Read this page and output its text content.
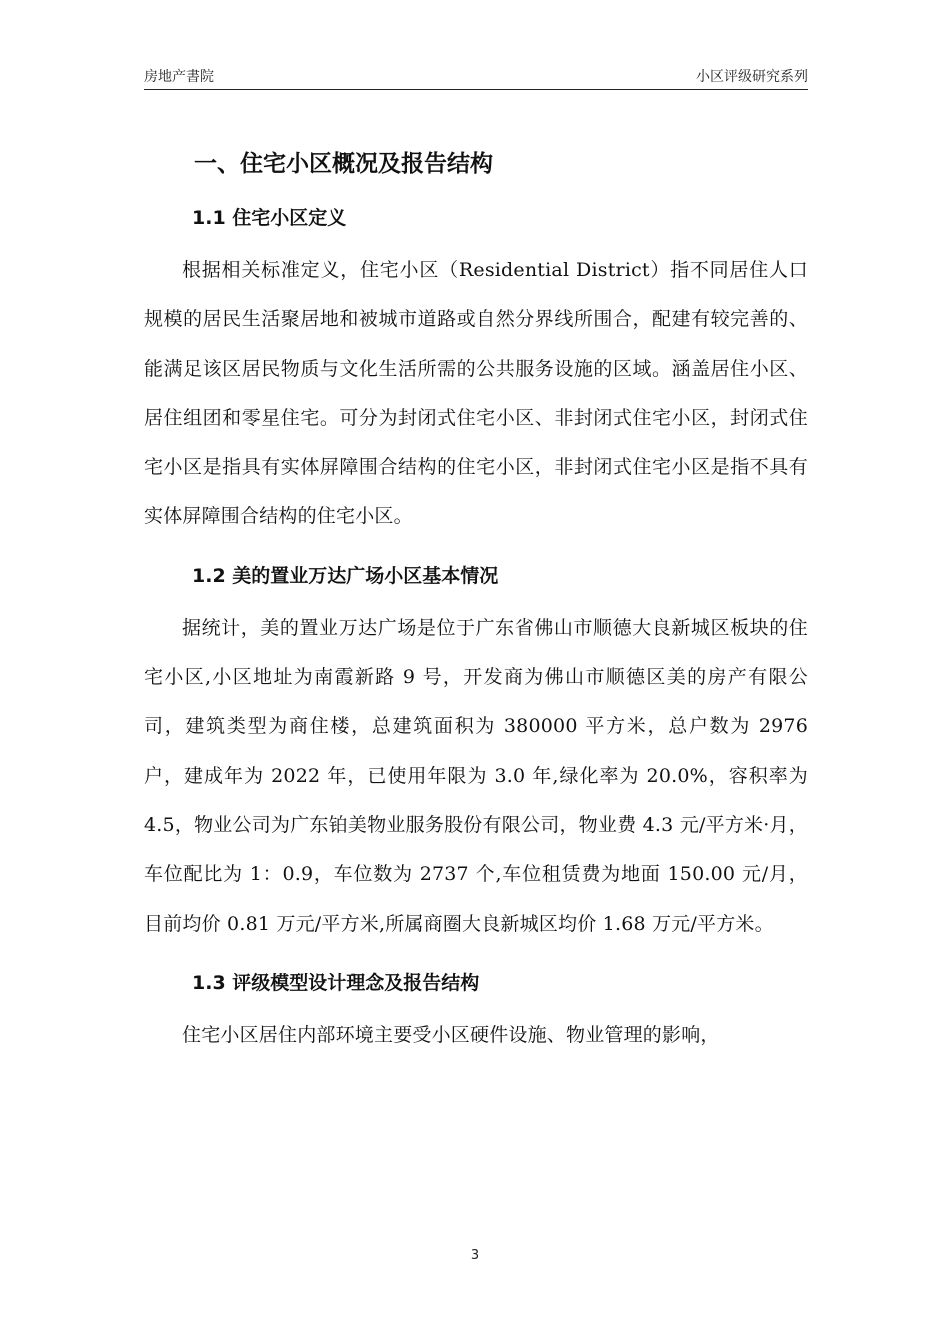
房地产書院	小区评级研究系列
一、住宅小区概况及报告结构
1.1 住宅小区定义

根据相关标准定义，住宅小区（Residential District）指不同居住人口规模的居民生活聚居地和被城市道路或自然分界线所围合，配建有较完善的、能满足该区居民物质与文化生活所需的公共服务设施的区域。涵盖居住小区、居住组团和零星住宅。可分为封闭式住宅小区、非封闭式住宅小区，封闭式住宅小区是指具有实体屏障围合结构的住宅小区，非封闭式住宅小区是指不具有实体屏障围合结构的住宅小区。

1.2 美的置业万达广场小区基本情况

据统计，美的置业万达广场是位于广东省佛山市顺德大良新城区板块的住宅小区,小区地址为南霞新路 9 号，开发商为佛山市顺德区美的房产有限公司，建筑类型为商住楼，总建筑面积为 380000 平方米，总户数为 2976 户，建成年为 2022 年，已使用年限为 3.0 年,绿化率为 20.0%，容积率为 4.5，物业公司为广东铂美物业服务股份有限公司，物业费 4.3 元/平方米·月，车位配比为 1：0.9，车位数为 2737 个,车位租赁费为地面 150.00 元/月，目前均价 0.81 万元/平方米,所属商圈大良新城区均价 1.68 万元/平方米。

1.3 评级模型设计理念及报告结构

住宅小区居住内部环境主要受小区硬件设施、物业管理的影响，

3
